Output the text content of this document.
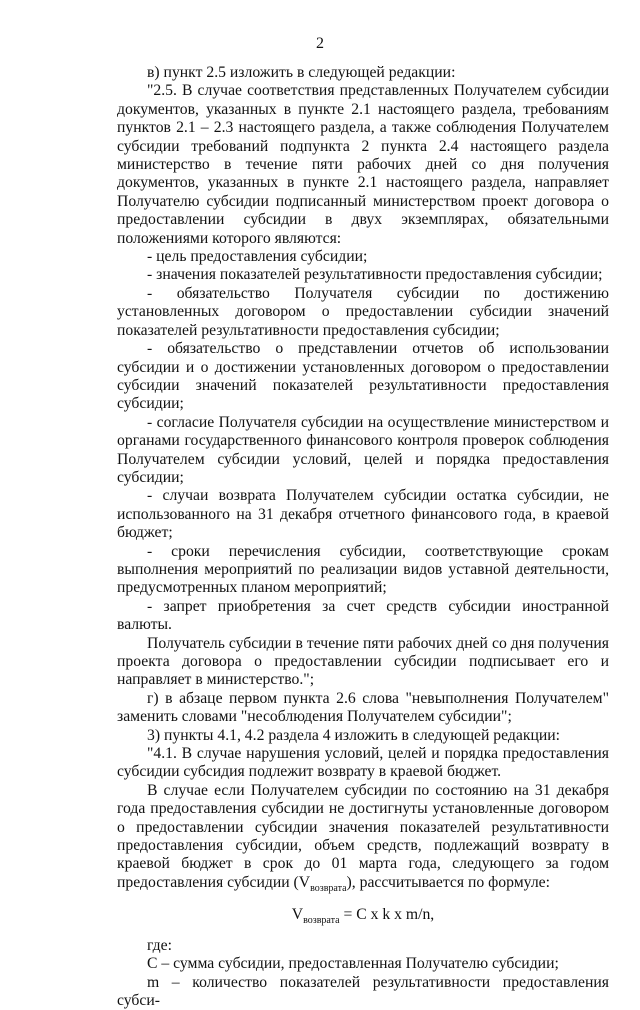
2

в) пункт 2.5 изложить в следующей редакции:

"2.5. В случае соответствия представленных Получателем субсидии документов, указанных в пункте 2.1 настоящего раздела, требованиям пунктов 2.1 – 2.3 настоящего раздела, а также соблюдения Получателем субсидии требований подпункта 2 пункта 2.4 настоящего раздела министерство в течение пяти рабочих дней со дня получения документов, указанных в пункте 2.1 настоящего раздела, направляет Получателю субсидии подписанный министерством проект договора о предоставлении субсидии в двух экземплярах, обязательными положениями которого являются:

- цель предоставления субсидии;

- значения показателей результативности предоставления субсидии;

- обязательство Получателя субсидии по достижению установленных договором о предоставлении субсидии значений показателей результативности предоставления субсидии;

- обязательство о представлении отчетов об использовании субсидии и о достижении установленных договором о предоставлении субсидии значений показателей результативности предоставления субсидии;

- согласие Получателя субсидии на осуществление министерством и органами государственного финансового контроля проверок соблюдения Получателем субсидии условий, целей и порядка предоставления субсидии;

- случаи возврата Получателем субсидии остатка субсидии, не использованного на 31 декабря отчетного финансового года, в краевой бюджет;

- сроки перечисления субсидии, соответствующие срокам выполнения мероприятий по реализации видов уставной деятельности, предусмотренных планом мероприятий;

- запрет приобретения за счет средств субсидии иностранной валюты.

Получатель субсидии в течение пяти рабочих дней со дня получения проекта договора о предоставлении субсидии подписывает его и направляет в министерство.";

г) в абзаце первом пункта 2.6 слова "невыполнения Получателем" заменить словами "несоблюдения Получателем субсидии";

3) пункты 4.1, 4.2 раздела 4 изложить в следующей редакции:

"4.1. В случае нарушения условий, целей и порядка предоставления субсидии субсидия подлежит возврату в краевой бюджет.

В случае если Получателем субсидии по состоянию на 31 декабря года предоставления субсидии не достигнуты установленные договором о предоставлении субсидии значения показателей результативности предоставления субсидии, объем средств, подлежащий возврату в краевой бюджет в срок до 01 марта года, следующего за годом предоставления субсидии $(V_{возврата})$, рассчитывается по формуле:

$V_{возврата} = С$ х k х m/n,

где:

С – сумма субсидии, предоставленная Получателю субсидии;

m – количество показателей результативности предоставления субси-
